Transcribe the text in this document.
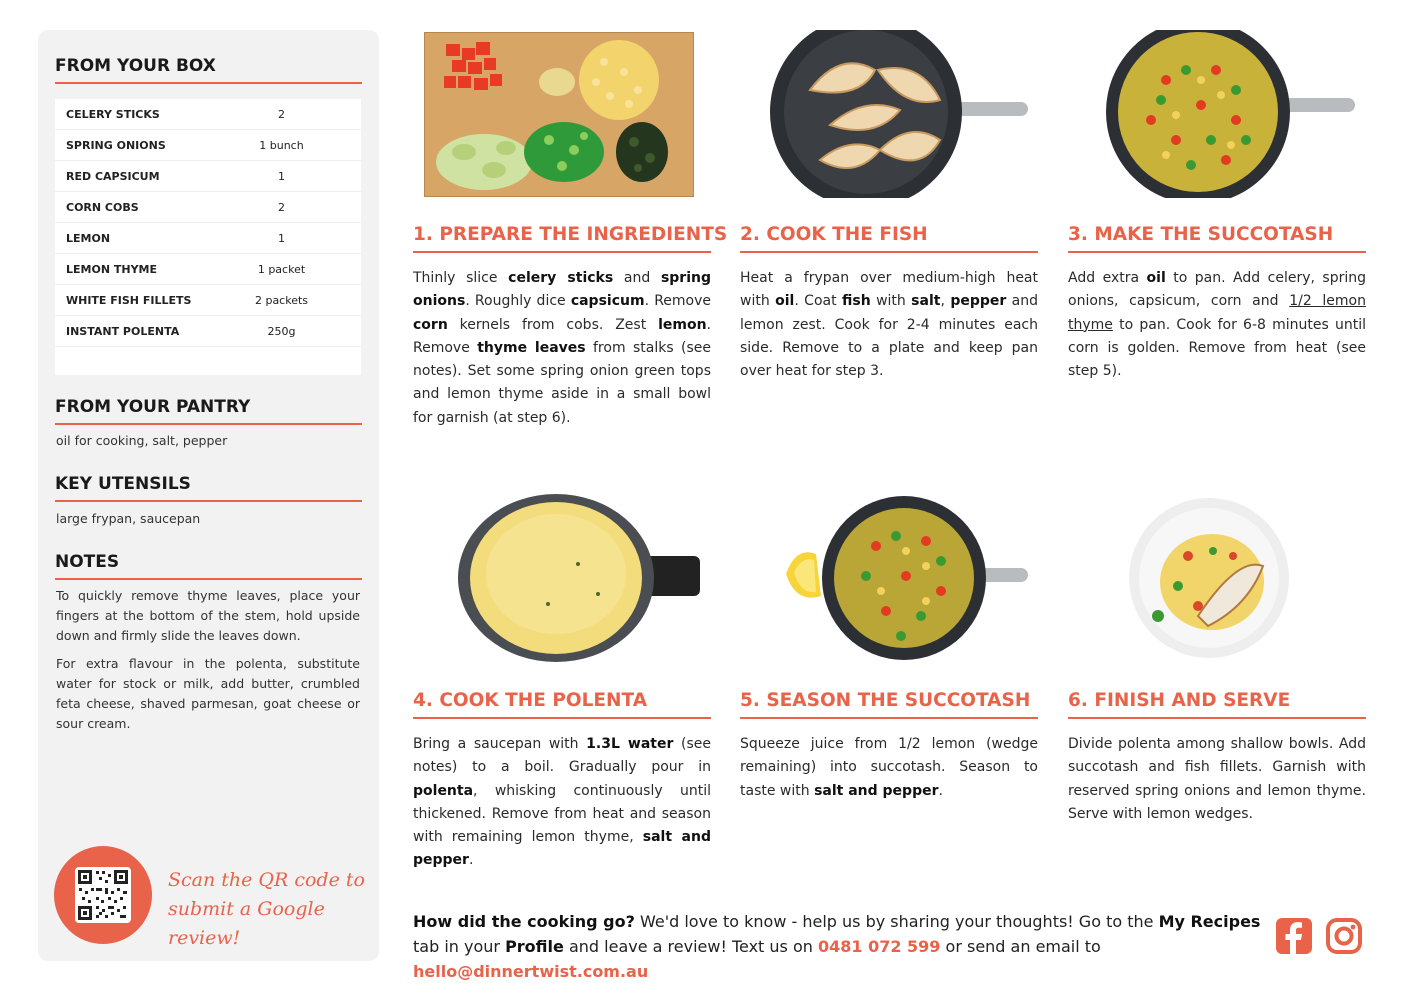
FROM YOUR BOX
CELERY STICKS	2
SPRING ONIONS	1 bunch
RED CAPSICUM	1
CORN COBS	2
LEMON	1
LEMON THYME	1 packet
WHITE FISH FILLETS	2 packets
INSTANT POLENTA	250g
FROM YOUR PANTRY
oil for cooking, salt, pepper
KEY UTENSILS
large frypan, saucepan
NOTES
To quickly remove thyme leaves, place your fingers at the bottom of the stem, hold upside down and firmly slide the leaves down.
For extra flavour in the polenta, substitute water for stock or milk, add butter, crumbled feta cheese, shaved parmesan, goat cheese or sour cream.
Scan the QR code to
submit a Google review!
1. PREPARE THE INGREDIENTS 2. COOK THE FISH	3. MAKE THE SUCCOTASH
4. COOK THE POLENTA	5. SEASON THE SUCCOTASH	6. FINISH AND SERVE
Thinly slice celery sticks and spring onions. Roughly dice capsicum. Remove corn kernels from cobs. Zest lemon. Remove thyme leaves from stalks (see notes). Set some spring onion green tops and lemon thyme aside in a small bowl for garnish (at step 6).
Heat a frypan over medium-high heat with oil. Coat fish with salt, pepper and lemon zest. Cook for 2-4 minutes each side. Remove to a plate and keep pan over heat for step 3.
Add extra oil to pan. Add celery, spring onions, capsicum, corn and 1/2 lemon thyme to pan. Cook for 6-8 minutes until corn is golden. Remove from heat (see step 5).
Bring a saucepan with 1.3L water (see notes) to a boil. Gradually pour in polenta, whisking continuously until thickened. Remove from heat and season with remaining lemon thyme, salt and pepper.
Squeeze juice from 1/2 lemon (wedge remaining) into succotash. Season to taste with salt and pepper.
Divide polenta among shallow bowls. Add succotash and fish fillets. Garnish with reserved spring onions and lemon thyme. Serve with lemon wedges.
How did the cooking go? We'd love to know - help us by sharing your thoughts! Go to the My Recipes tab in your Profile and leave a review! Text us on 0481 072 599 or send an email to hello@dinnertwist.com.au
